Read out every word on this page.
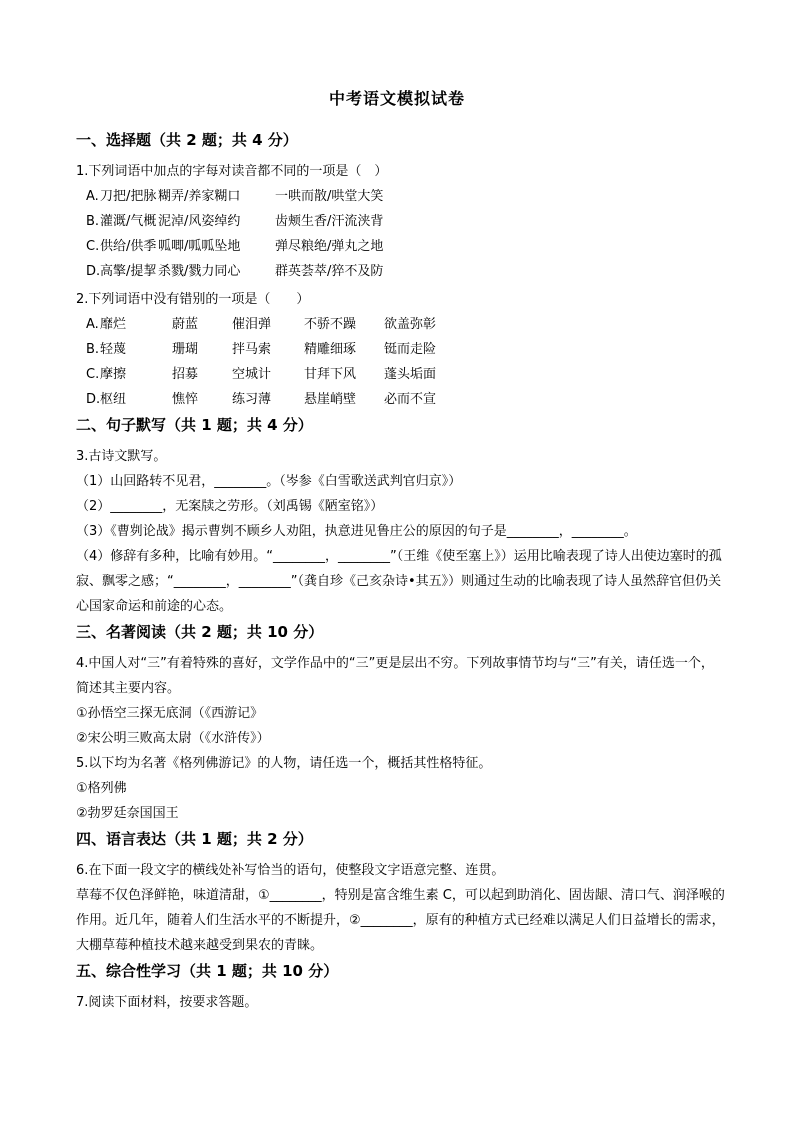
中考语文模拟试卷
一、选择题（共 2 题；共 4 分）
1.下列词语中加点的字每对读音都不同的一项是（　）
A. 刀把/把脉 糊弄/养家糊口	一哄而散/哄堂大笑
B. 灌溉/气概 泥淖/风姿绰约	齿颊生香/汗流浃背
C. 供给/供季 呱唧/呱呱坠地	弹尽粮绝/弹丸之地
D. 高擎/提挈 杀戮/戮力同心	群英荟萃/猝不及防
2.下列词语中没有错别的一项是（　　）
A. 靡烂	蔚蓝	催泪弹	不骄不躁	欲盖弥彰
B. 轻蔑	珊瑚	拌马索	精雕细琢	铤而走险
C. 摩擦	招募	空城计	甘拜下风	蓬头垢面
D. 枢纽	憔悴	练习薄	悬崖峭壁	必而不宣
二、句子默写（共 1 题；共 4 分）
3.古诗文默写。
（1）山回路转不见君，________。（岑参《白雪歌送武判官归京》）
（2）________，无案牍之劳形。（刘禹锡《陋室铭》）
（3）《曹刿论战》揭示曹刿不顾乡人劝阻，执意进见鲁庄公的原因的句子是________，________。
（4）修辞有多种，比喻有妙用。“________，________”（王维《使至塞上》）运用比喻表现了诗人出使边塞时的孤寂、飘零之感；“________，________”（龚自珍《己亥杂诗•其五》）则通过生动的比喻表现了诗人虽然辞官但仍关心国家命运和前途的心态。
三、名著阅读（共 2 题；共 10 分）
4.中国人对“三”有着特殊的喜好，文学作品中的“三”更是层出不穷。下列故事情节均与“三”有关，请任选一个，简述其主要内容。
①孙悟空三探无底洞（《西游记》
②宋公明三败高太尉（《水浒传》）
5.以下均为名著《格列佛游记》的人物，请任选一个，概括其性格特征。
①格列佛
②勃罗廷奈国国王
四、语言表达（共 1 题；共 2 分）
6.在下面一段文字的横线处补写恰当的语句，使整段文字语意完整、连贯。
草莓不仅色泽鲜艳，味道清甜，①________，特别是富含维生素 C，可以起到助消化、固齿龈、清口气、润泽喉的作用。近几年，随着人们生活水平的不断提升，②________，原有的种植方式已经难以满足人们日益增长的需求，大棚草莓种植技术越来越受到果农的青睐。
五、综合性学习（共 1 题；共 10 分）
7.阅读下面材料，按要求答题。
